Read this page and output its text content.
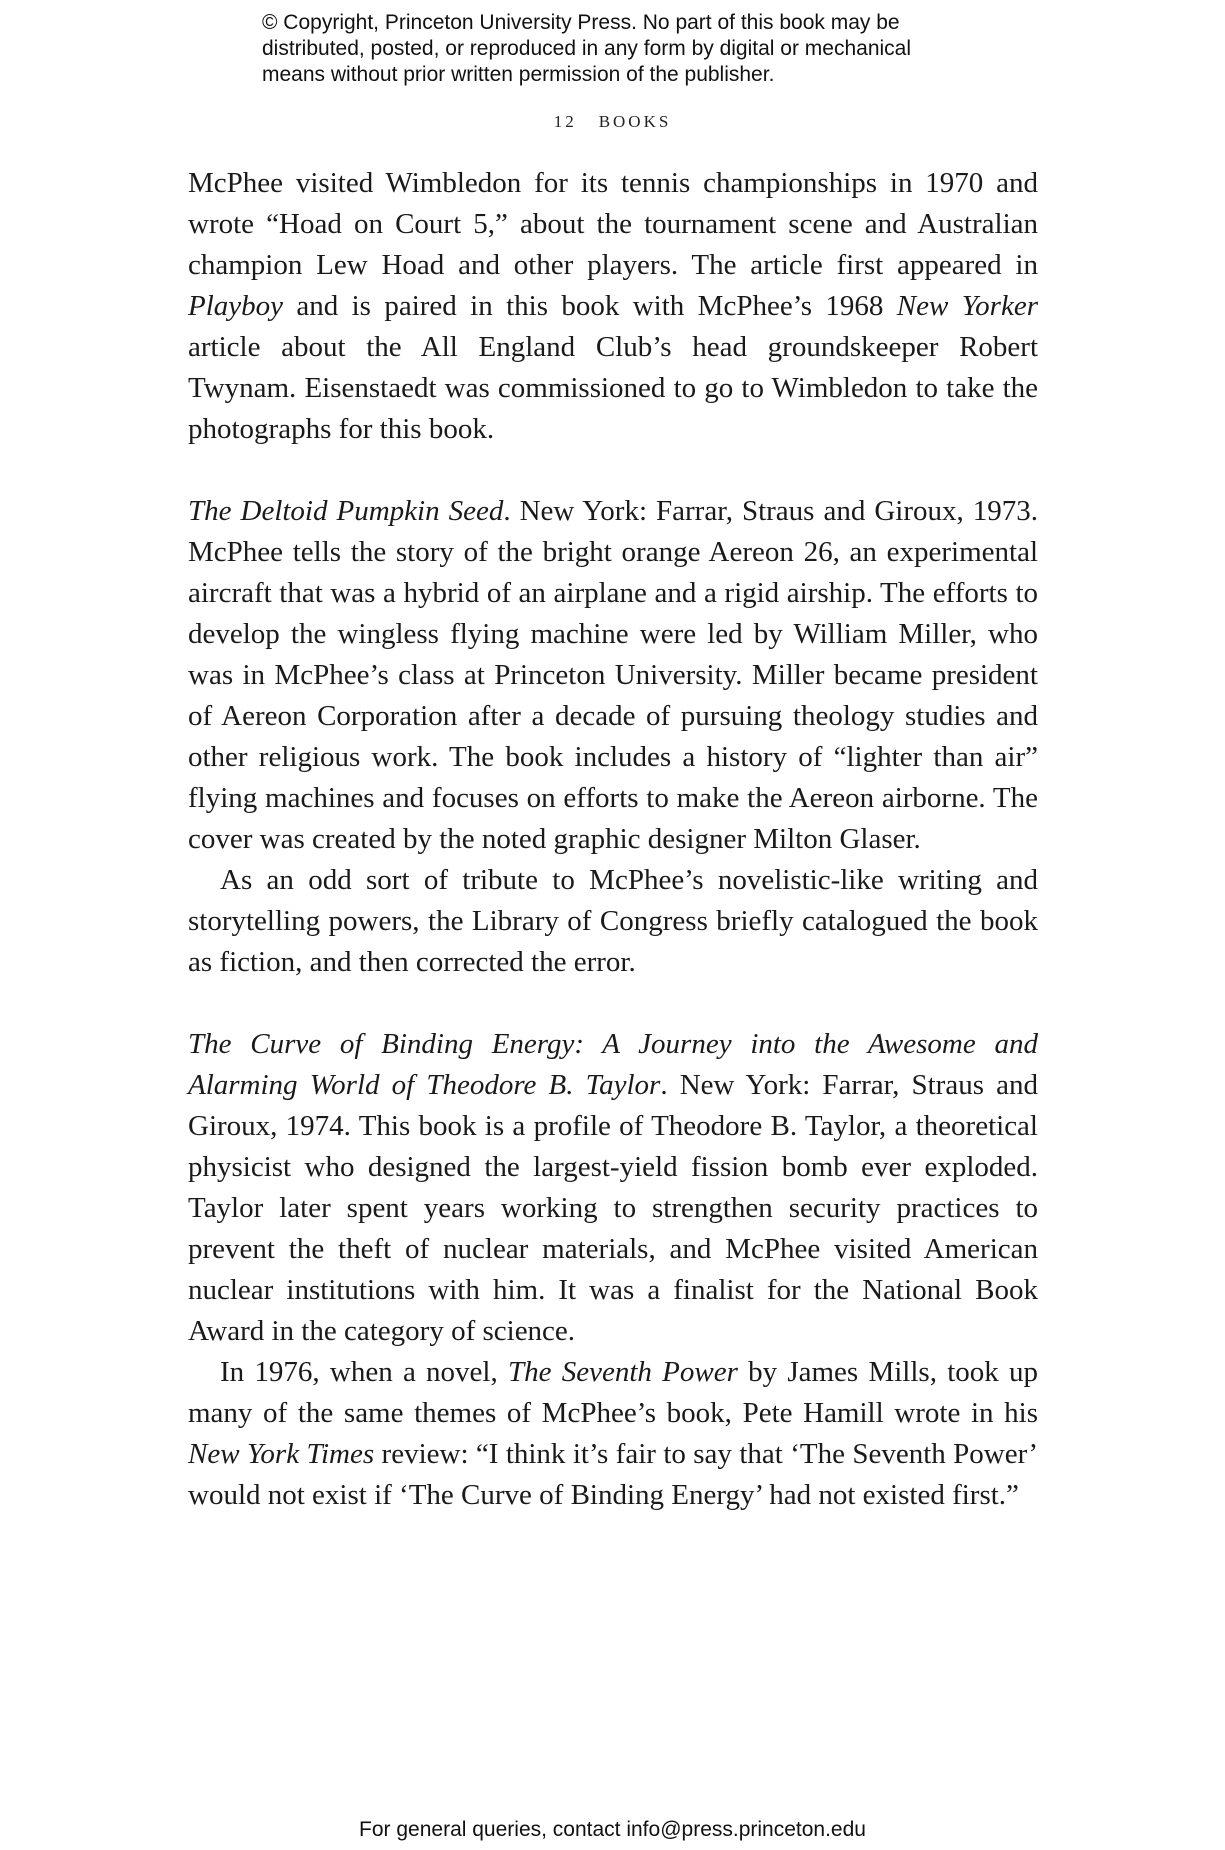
© Copyright, Princeton University Press. No part of this book may be
distributed, posted, or reproduced in any form by digital or mechanical
means without prior written permission of the publisher.
12 BOOKS

McPhee visited Wimbledon for its tennis championships in 1970 and wrote “Hoad on Court 5,” about the tournament scene and Australian champion Lew Hoad and other players. The article first appeared in Playboy and is paired in this book with McPhee’s 1968 New Yorker article about the All England Club’s head groundskeeper Robert Twynam. Eisenstaedt was commissioned to go to Wimbledon to take the photographs for this book.

The Deltoid Pumpkin Seed. New York: Farrar, Straus and Giroux, 1973. McPhee tells the story of the bright orange Aereon 26, an experimental aircraft that was a hybrid of an airplane and a rigid airship. The efforts to develop the wingless flying machine were led by William Miller, who was in McPhee’s class at Princeton University. Miller became president of Aereon Corporation after a decade of pursuing theology studies and other religious work. The book includes a history of “lighter than air” flying machines and focuses on efforts to make the Aereon airborne. The cover was created by the noted graphic designer Milton Glaser.

As an odd sort of tribute to McPhee’s novelistic-like writing and storytelling powers, the Library of Congress briefly catalogued the book as fiction, and then corrected the error.

The Curve of Binding Energy: A Journey into the Awesome and Alarming World of Theodore B. Taylor. New York: Farrar, Straus and Giroux, 1974. This book is a profile of Theodore B. Taylor, a theoretical physicist who designed the largest-yield fission bomb ever exploded. Taylor later spent years working to strengthen security practices to prevent the theft of nuclear materials, and McPhee visited American nuclear institutions with him. It was a finalist for the National Book Award in the category of science.

In 1976, when a novel, The Seventh Power by James Mills, took up many of the same themes of McPhee’s book, Pete Hamill wrote in his New York Times review: “I think it’s fair to say that ‘The Seventh Power’ would not exist if ‘The Curve of Binding Energy’ had not existed first.”

For general queries, contact info@press.princeton.edu
